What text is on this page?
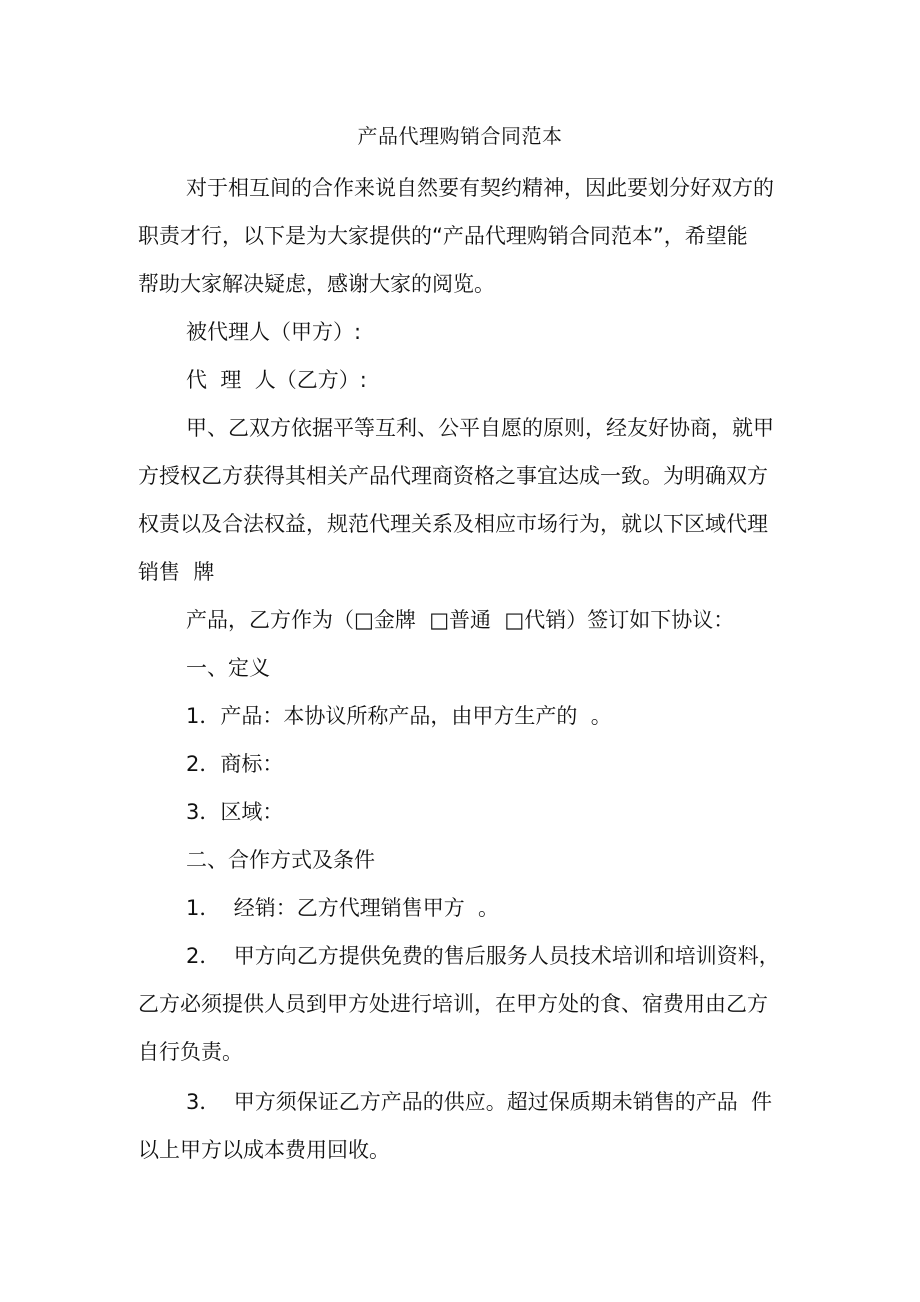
产品代理购销合同范本
对于相互间的合作来说自然要有契约精神，因此要划分好双方的
职责才行，以下是为大家提供的“产品代理购销合同范本”，希望能
帮助大家解决疑虑，感谢大家的阅览。
被代理人（甲方）:
代  理  人（乙方）:
甲、乙双方依据平等互利、公平自愿的原则，经友好协商，就甲
方授权乙方获得其相关产品代理商资格之事宜达成一致。为明确双方
权责以及合法权益，规范代理关系及相应市场行为，就以下区域代理
销售  牌
产品，乙方作为（□金牌  □普通  □代销）签订如下协议：
一、定义
1．产品：本协议所称产品，由甲方生产的  。
2．商标：
3．区域：
二、合作方式及条件
1．  经销：乙方代理销售甲方  。
2．  甲方向乙方提供免费的售后服务人员技术培训和培训资料，
乙方必须提供人员到甲方处进行培训，在甲方处的食、宿费用由乙方
自行负责。
3．  甲方须保证乙方产品的供应。超过保质期未销售的产品  件
以上甲方以成本费用回收。
